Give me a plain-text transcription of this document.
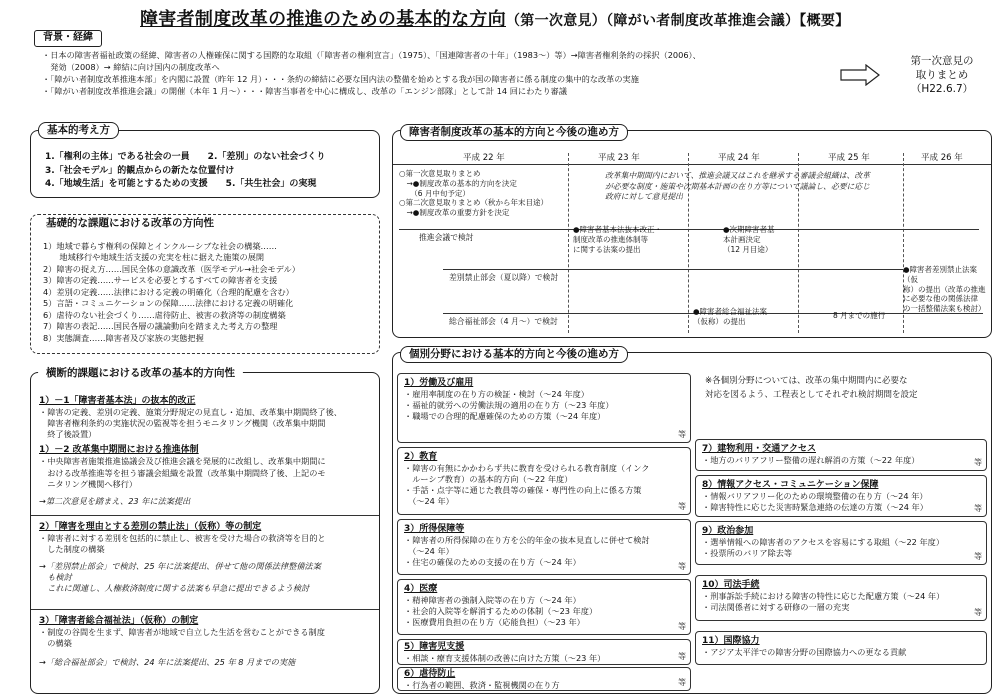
障害者制度改革の推進のための基本的な方向（第一次意見）（障がい者制度改革推進会議）【概要】
背景・経緯
・日本の障害者福祉政策の経緯、障害者の人権確保に関する国際的な取組（「障害者の権利宣言」（1975）、「国連障害者の十年」（1983～）等）→障害者権利条約の採択（2006）、
　発効（2008）→ 締結に向け国内の制度改革へ
・「障がい者制度改革推進本部」を内閣に設置（昨年 12 月）・・・条約の締結に必要な国内法の整備を始めとする我が国の障害者に係る制度の集中的な改革の実施
・「障がい者制度改革推進会議」の開催（本年 1 月～）・・・障害当事者を中心に構成し、改革の「エンジン部隊」として計 14 回にわたり審議
第一次意見の
取りまとめ
（H22.6.7）
1.「権利の主体」である社会の一員　　2.「差別」のない社会づくり
3.「社会モデル」的観点からの新たな位置付け
4.「地域生活」を可能とするための支援　　5.「共生社会」の実現
基本的考え方
1）地域で暮らす権利の保障とインクルーシブな社会の構築……
　　地域移行や地域生活支援の充実を柱に据えた施策の展開
2）障害の捉え方……国民全体の意識改革（医学モデル→社会モデル）
3）障害の定義……サービスを必要とするすべての障害者を支援
4）差別の定義……法律における定義の明確化（合理的配慮を含む）
5）言語・コミュニケーションの保障……法律における定義の明確化
6）虐待のない社会づくり……虐待防止、被害の救済等の制度構築
7）障害の表記……国民各層の議論動向を踏まえた考え方の整理
8）実態調査……障害者及び家族の実態把握
基礎的な課題における改革の方向性
1）－1「障害者基本法」の抜本的改正
・障害の定義、差別の定義、施策分野規定の見直し・追加、改革集中期間終了後、
　障害者権利条約の実施状況の監視等を担うモニタリング機関（改革集中期間
　終了後設置）
1）－2 改革集中期間における推進体制
・中央障害者施策推進協議会及び推進会議を発展的に改組し、改革集中期間に
　おける改革推進等を担う審議会組織を設置（改革集中期間終了後、上記のモ
　ニタリング機関へ移行）
→第二次意見を踏まえ、23 年に法案提出
2）「障害を理由とする差別の禁止法」（仮称）等の制定
・障害者に対する差別を包括的に禁止し、被害を受けた場合の救済等を目的と
　した制度の構築
→「差別禁止部会」で検討、25 年に法案提出、併せて他の関係法律整備法案
　も検討
　これに関連し、人権救済制度に関する法案も早急に提出できるよう検討
3）「障害者総合福祉法」（仮称）の制定
・制度の谷間を生まず、障害者が地域で自立した生活を営むことができる制度
　の構築
→「総合福祉部会」で検討、24 年に法案提出、25 年 8 月までの実施
横断的課題における改革の基本的方向性
平成 22 年	平成 23 年	平成 24 年	平成 25 年	平成 26 年
○第一次意見取りまとめ
　→●制度改革の基本的方向を決定
　　（6 月中旬予定）
○第二次意見取りまとめ（秋から年末目途）
　→●制度改革の重要方針を決定
改革集中期間内において、推進会議又はこれを継承する審議会組織は、改革
が必要な制度・施策や次期基本計画の在り方等について議論し、必要に応じ
政府に対して意見提出
推進会議で検討
●障害者基本法抜本改正・
制度改革の推進体制等
に関する法案の提出
●次期障害者基
本計画決定
（12 月目途）
差別禁止部会（夏以降）で検討
●障害者差別禁止法案（仮
称）の提出（改革の推進
に必要な他の関係法律
の一括整備法案も検討）
総合福祉部会（4 月～）で検討
●障害者総合福祉法案
（仮称）の提出
8 月までの施行
障害者制度改革の基本的方向と今後の進め方
※各個別分野については、改革の集中期間内に必要な
対応を図るよう、工程表としてそれぞれ検討期間を設定
1）労働及び雇用
・雇用率制度の在り方の検証・検討（～24 年度）
・福祉的就労への労働法規の適用の在り方（～23 年度）
・職場での合理的配慮確保のための方策（～24 年度）
等
2）教育
・障害の有無にかかわらず共に教育を受けられる教育制度（インク
　ルーシブ教育）の基本的方向（～22 年度）
・手話・点字等に通じた教員等の確保・専門性の向上に係る方策
　（～24 年）	等
3）所得保障等
・障害者の所得保障の在り方を公的年金の抜本見直しに併せて検討
　（～24 年）
・住宅の確保のための支援の在り方（～24 年）	等
4）医療
・精神障害者の強制入院等の在り方（～24 年）
・社会的入院等を解消するための体制（～23 年度）
・医療費用負担の在り方（応能負担）（～23 年）	等
5）障害児支援
・相談・療育支援体制の改善に向けた方策（～23 年）	等
6）虐待防止
・行為者の範囲、救済・監視機関の在り方	等
7）建物利用・交通アクセス
・地方のバリアフリー整備の遅れ解消の方策（～22 年度）	等
8）情報アクセス・コミュニケーション保障
・情報バリアフリー化のための環境整備の在り方（～24 年）
・障害特性に応じた災害時緊急連絡の伝達の方策（～24 年）	等
9）政治参加
・選挙情報への障害者のアクセスを容易にする取組（～22 年度）
・投票所のバリア除去等	等
10）司法手続
・刑事訴訟手続における障害の特性に応じた配慮方策（～24 年）
・司法関係者に対する研修の一層の充実
等
11）国際協力
・アジア太平洋での障害分野の国際協力への更なる貢献
個別分野における基本的方向と今後の進め方
